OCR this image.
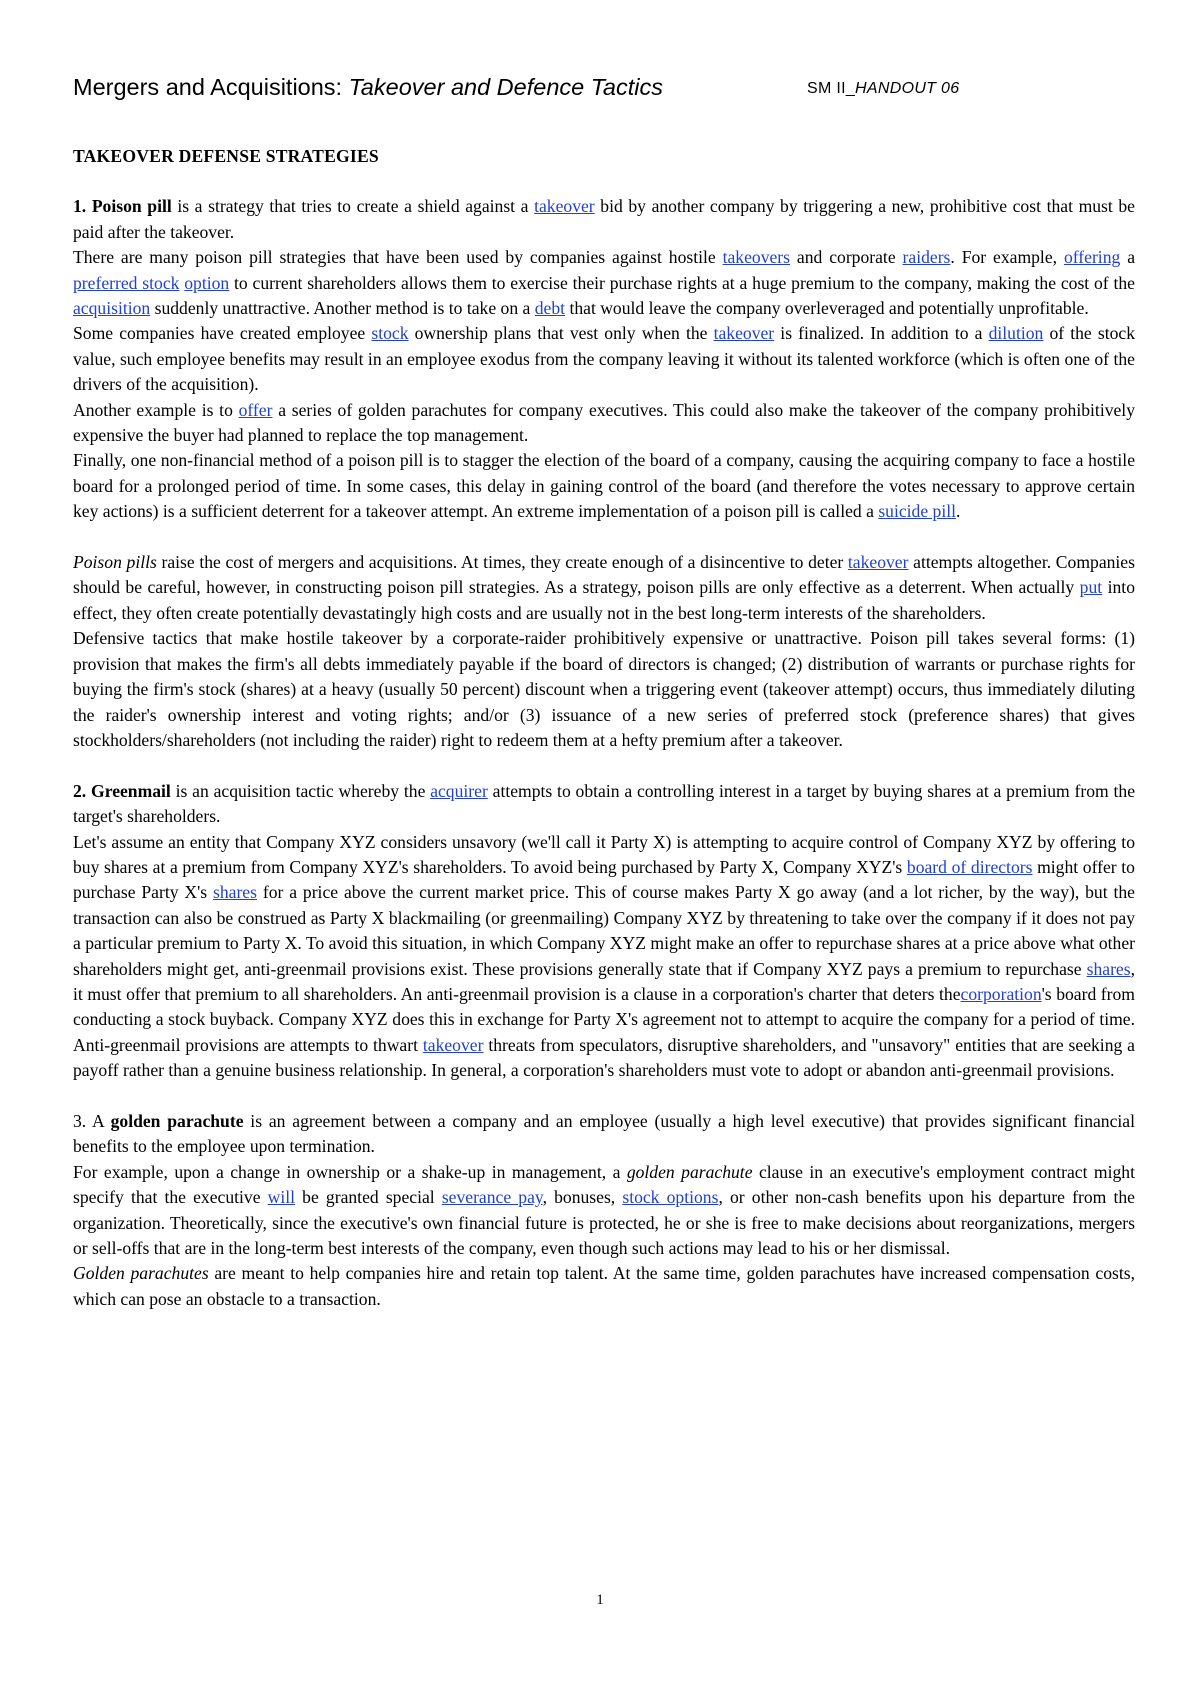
Mergers and Acquisitions: Takeover and Defence Tactics	SM II_HANDOUT 06

TAKEOVER DEFENSE STRATEGIES

1. Poison pill is a strategy that tries to create a shield against a takeover bid by another company by triggering a new, prohibitive cost that must be paid after the takeover.

There are many poison pill strategies that have been used by companies against hostile takeovers and corporate raiders. For example, offering a preferred stock option to current shareholders allows them to exercise their purchase rights at a huge premium to the company, making the cost of the acquisition suddenly unattractive. Another method is to take on a debt that would leave the company overleveraged and potentially unprofitable.

Some companies have created employee stock ownership plans that vest only when the takeover is finalized. In addition to a dilution of the stock value, such employee benefits may result in an employee exodus from the company leaving it without its talented workforce (which is often one of the drivers of the acquisition).

Another example is to offer a series of golden parachutes for company executives. This could also make the takeover of the company prohibitively expensive the buyer had planned to replace the top management.

Finally, one non-financial method of a poison pill is to stagger the election of the board of a company, causing the acquiring company to face a hostile board for a prolonged period of time. In some cases, this delay in gaining control of the board (and therefore the votes necessary to approve certain key actions) is a sufficient deterrent for a takeover attempt. An extreme implementation of a poison pill is called a suicide pill.

Poison pills raise the cost of mergers and acquisitions. At times, they create enough of a disincentive to deter takeover attempts altogether. Companies should be careful, however, in constructing poison pill strategies. As a strategy, poison pills are only effective as a deterrent. When actually put into effect, they often create potentially devastatingly high costs and are usually not in the best long-term interests of the shareholders.

Defensive tactics that make hostile takeover by a corporate-raider prohibitively expensive or unattractive. Poison pill takes several forms: (1) provision that makes the firm's all debts immediately payable if the board of directors is changed; (2) distribution of warrants or purchase rights for buying the firm's stock (shares) at a heavy (usually 50 percent) discount when a triggering event (takeover attempt) occurs, thus immediately diluting the raider's ownership interest and voting rights; and/or (3) issuance of a new series of preferred stock (preference shares) that gives stockholders/shareholders (not including the raider) right to redeem them at a hefty premium after a takeover.

2. Greenmail is an acquisition tactic whereby the acquirer attempts to obtain a controlling interest in a target by buying shares at a premium from the target's shareholders.

Let's assume an entity that Company XYZ considers unsavory (we'll call it Party X) is attempting to acquire control of Company XYZ by offering to buy shares at a premium from Company XYZ's shareholders. To avoid being purchased by Party X, Company XYZ's board of directors might offer to purchase Party X's shares for a price above the current market price. This of course makes Party X go away (and a lot richer, by the way), but the transaction can also be construed as Party X blackmailing (or greenmailing) Company XYZ by threatening to take over the company if it does not pay a particular premium to Party X. To avoid this situation, in which Company XYZ might make an offer to repurchase shares at a price above what other shareholders might get, anti-greenmail provisions exist. These provisions generally state that if Company XYZ pays a premium to repurchase shares, it must offer that premium to all shareholders. An anti-greenmail provision is a clause in a corporation's charter that deters thecorporation's board from conducting a stock buyback. Company XYZ does this in exchange for Party X's agreement not to attempt to acquire the company for a period of time. Anti-greenmail provisions are attempts to thwart takeover threats from speculators, disruptive shareholders, and "unsavory" entities that are seeking a payoff rather than a genuine business relationship. In general, a corporation's shareholders must vote to adopt or abandon anti-greenmail provisions.

3. A golden parachute is an agreement between a company and an employee (usually a high level executive) that provides significant financial benefits to the employee upon termination.

For example, upon a change in ownership or a shake-up in management, a golden parachute clause in an executive's employment contract might specify that the executive will be granted special severance pay, bonuses, stock options, or other non-cash benefits upon his departure from the organization. Theoretically, since the executive's own financial future is protected, he or she is free to make decisions about reorganizations, mergers or sell-offs that are in the long-term best interests of the company, even though such actions may lead to his or her dismissal.

Golden parachutes are meant to help companies hire and retain top talent. At the same time, golden parachutes have increased compensation costs, which can pose an obstacle to a transaction.

1
